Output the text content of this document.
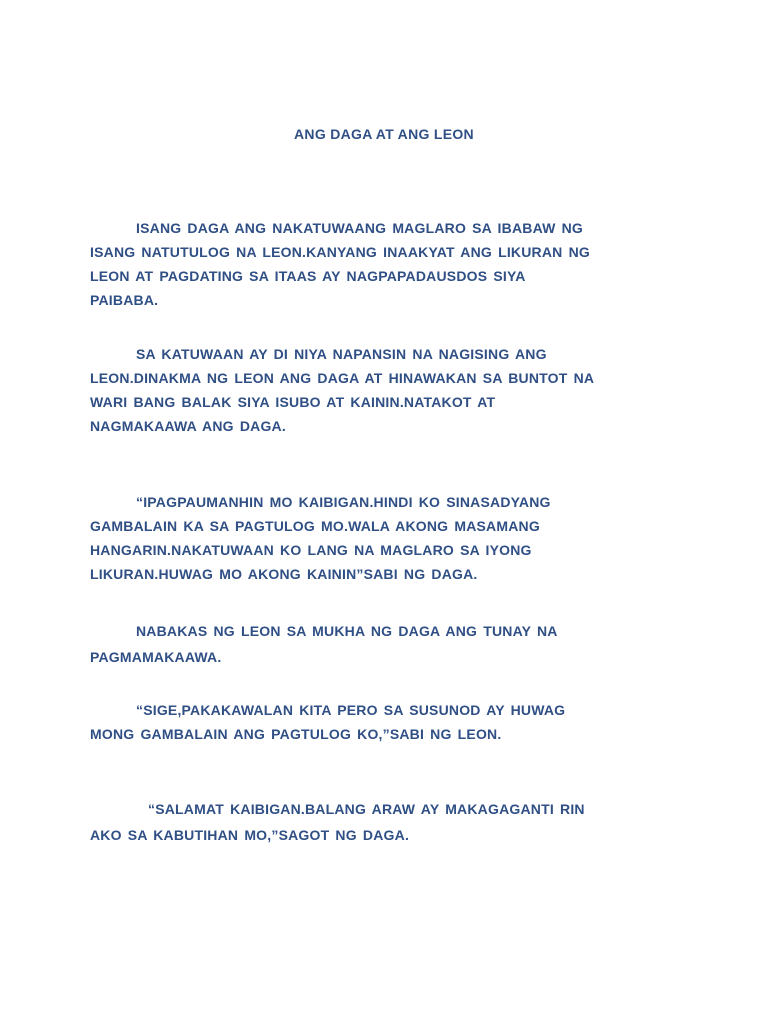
ANG DAGA AT ANG LEON
ISANG DAGA ANG NAKATUWAANG MAGLARO SA IBABAW NG
ISANG NATUTULOG NA LEON.KANYANG INAAKYAT ANG LIKURAN NG
LEON AT PAGDATING SA ITAAS AY NAGPAPADAUSDOS SIYA
PAIBABA.
SA KATUWAAN AY DI NIYA NAPANSIN NA NAGISING ANG
LEON.DINAKMA NG LEON ANG DAGA AT HINAWAKAN SA BUNTOT NA
WARI BANG BALAK SIYA ISUBO AT KAININ.NATAKOT AT
NAGMAKAAWA ANG DAGA.
“IPAGPAUMANHIN MO KAIBIGAN.HINDI KO SINASADYANG
GAMBALAIN KA SA PAGTULOG MO.WALA AKONG MASAMANG
HANGARIN.NAKATUWAAN KO LANG NA MAGLARO SA IYONG
LIKURAN.HUWAG MO AKONG KAININ”SABI NG DAGA.
NABAKAS NG LEON SA MUKHA NG DAGA ANG TUNAY NA
PAGMAMAKAAWA.
“SIGE,PAKAKAWALAN KITA PERO SA SUSUNOD AY HUWAG
MONG GAMBALAIN ANG PAGTULOG KO,”SABI NG LEON.
“SALAMAT KAIBIGAN.BALANG ARAW AY MAKAGAGANTI RIN
AKO SA KABUTIHAN MO,”SAGOT NG DAGA.
